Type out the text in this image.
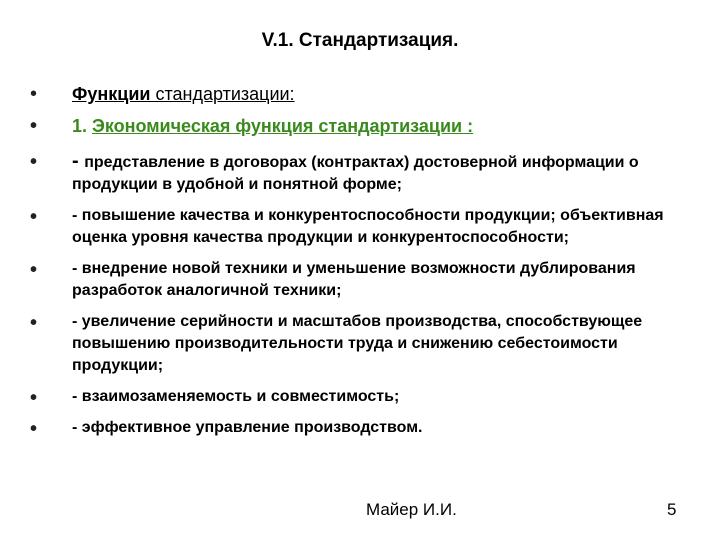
V.1. Стандартизация.
• Функции стандартизации:
• 1. Экономическая функция стандартизации :
• - представление в договорах (контрактах) достоверной информации о продукции в удобной и понятной форме;
• - повышение качества и конкурентоспособности продукции; объективная оценка уровня качества продукции и конкурентоспособности;
• - внедрение новой техники и уменьшение возможности дублирования разработок аналогичной техники;
• - увеличение серийности и масштабов производства, способствующее повышению производительности труда и снижению себестоимости продукции;
• - взаимозаменяемость и совместимость;
• - эффективное управление производством.
Майер И.И.	5
